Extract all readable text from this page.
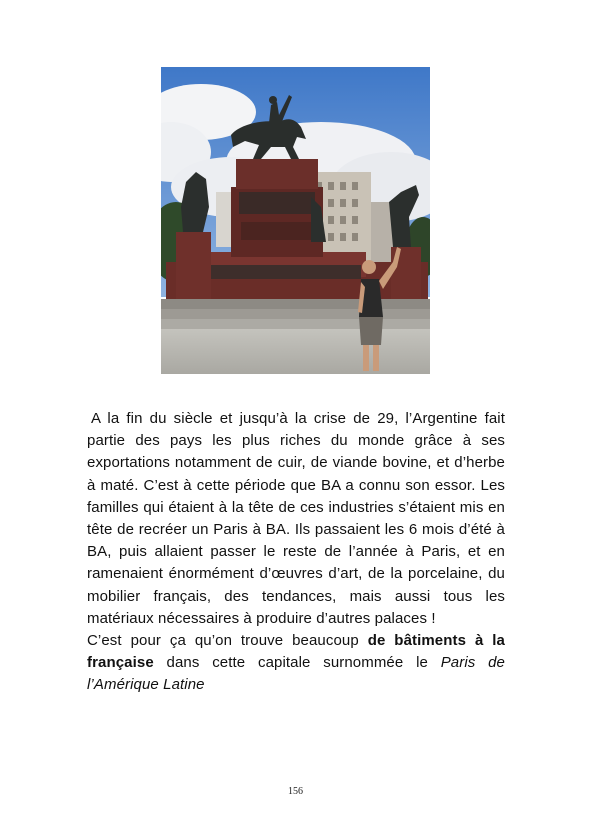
A la fin du siècle et jusqu’à la crise de 29, l’Argentine fait partie des pays les plus riches du monde grâce à ses exportations notamment de cuir, de viande bovine, et d’herbe à maté. C’est à cette période que BA a connu son essor. Les familles qui étaient à la tête de ces industries s’étaient mis en tête de recréer un Paris à BA. Ils passaient les 6 mois d’été à BA, puis allaient passer le reste de l’année à Paris, et en ramenaient énormément d’œuvres d’art, de la porcelaine, du mobilier français, des tendances, mais aussi tous les matériaux nécessaires à produire d’autres palaces !

C’est pour ça qu’on trouve beaucoup de bâtiments à la française dans cette capitale surnommée le Paris de l’Amérique Latine

156
